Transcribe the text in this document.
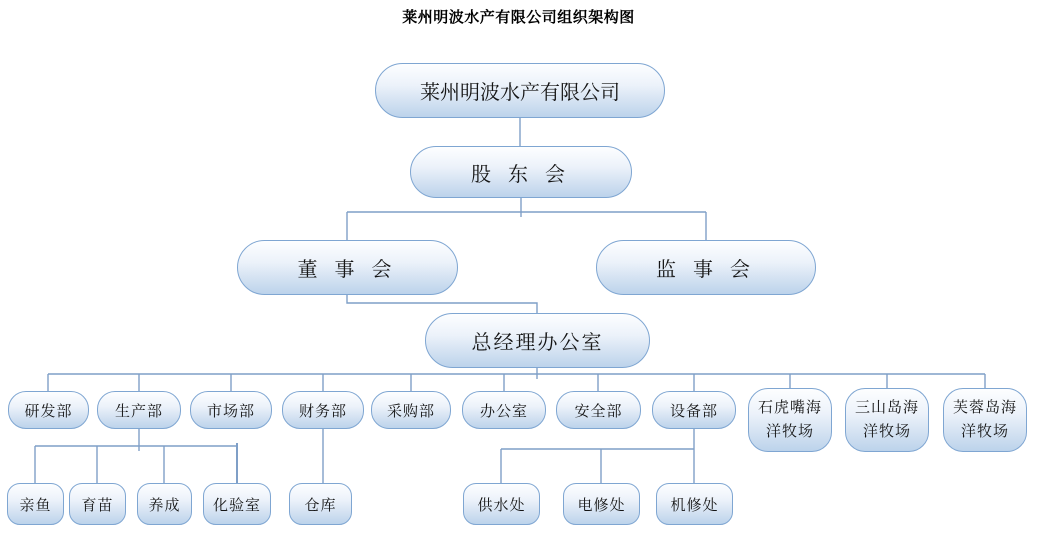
莱州明波水产有限公司组织架构图
莱州明波水产有限公司
股 东 会
董 事 会	监 事 会
总经理办公室
研发部	生产部	市场部	财务部	采购部	办公室	安全部	设备部	石虎嘴海洋牧场
三山岛海洋牧场
芙蓉岛海洋牧场
亲鱼	育苗	养成	化验室	仓库	供水处	电修处	机修处
